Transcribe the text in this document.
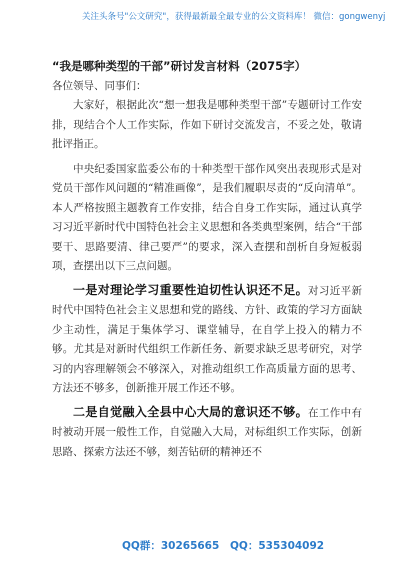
关注头条号"公文研究"，获得最新最全最专业的公文资料库！ 微信：gongwenyj
“我是哪种类型的干部”研讨发言材料（2075字）
各位领导、同事们：

大家好，根据此次“想一想我是哪种类型干部”专题研讨工作安排，现结合个人工作实际，作如下研讨交流发言，不妥之处，敬请批评指正。

中央纪委国家监委公布的十种类型干部作风突出表现形式是对党员干部作风问题的“精准画像”，是我们履职尽责的“反向清单”。本人严格按照主题教育工作安排，结合自身工作实际，通过认真学习习近平新时代中国特色社会主义思想和各类典型案例，结合“干部要干、思路要清、律己要严”的要求，深入查摆和剖析自身短板弱项，查摆出以下三点问题。

一是对理论学习重要性迫切性认识还不足。对习近平新时代中国特色社会主义思想和党的路线、方针、政策的学习方面缺少主动性，满足于集体学习、课堂辅导，在自学上投入的精力不够。尤其是对新时代组织工作新任务、新要求缺乏思考研究，对学习的内容理解领会不够深入，对推动组织工作高质量方面的思考、方法还不够多，创新推开展工作还不够。

二是自觉融入全县中心大局的意识还不够。在工作中有时被动开展一般性工作，自觉融入大局，对标组织工作实际，创新思路、探索方法还不够，刻苦钻研的精神还不

QQ群：30265665 QQ：535304092
